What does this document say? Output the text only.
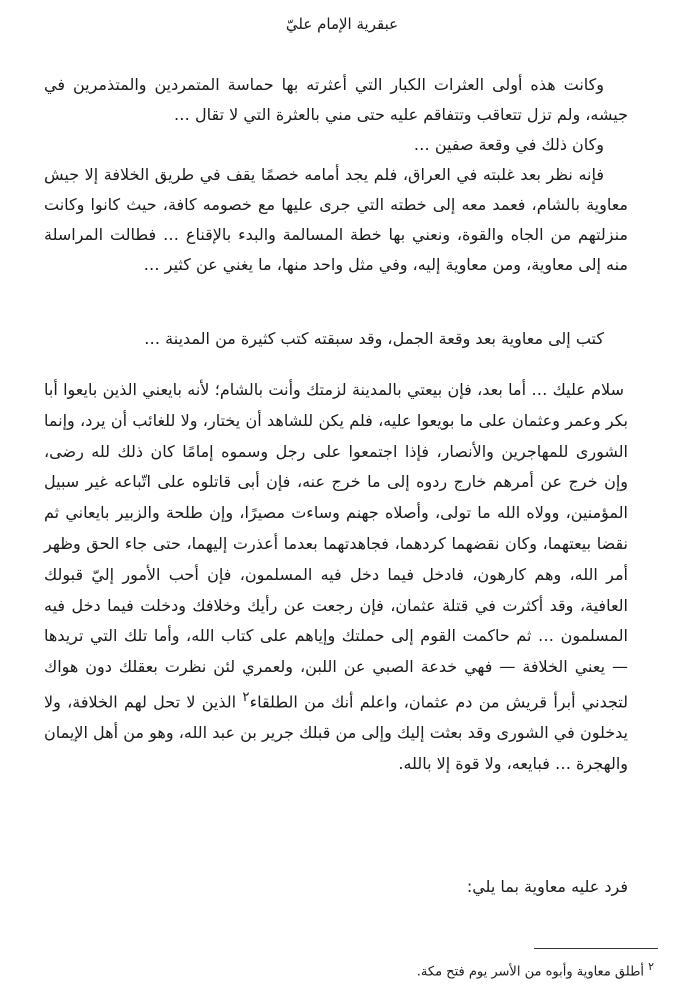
عبقرية الإمام عليّ

وكانت هذه أولى العثرات الكبار التي أعثرته بها حماسة المتمردين والمتذمرين في جيشه، ولم تزل تتعاقب وتتفاقم عليه حتى مني بالعثرة التي لا تقال …

وكان ذلك في وقعة صفين …

فإنه نظر بعد غلبته في العراق، فلم يجد أمامه خصمًا يقف في طريق الخلافة إلا جيش معاوية بالشام، فعمد معه إلى خطته التي جرى عليها مع خصومه كافة، حيث كانوا وكانت منزلتهم من الجاه والقوة، ونعني بها خطة المسالمة والبدء بالإقناع … فطالت المراسلة منه إلى معاوية، ومن معاوية إليه، وفي مثل واحد منها، ما يغني عن كثير …

كتب إلى معاوية بعد وقعة الجمل، وقد سبقته كتب كثيرة من المدينة …

سلام عليك … أما بعد، فإن بيعتي بالمدينة لزمتك وأنت بالشام؛ لأنه بايعني الذين بايعوا أبا بكر وعمر وعثمان على ما بويعوا عليه، فلم يكن للشاهد أن يختار، ولا للغائب أن يرد، وإنما الشورى للمهاجرين والأنصار، فإذا اجتمعوا على رجل وسموه إمامًا كان ذلك لله رضى، وإن خرج عن أمرهم خارج ردوه إلى ما خرج عنه، فإن أبى قاتلوه على اتّباعه غير سبيل المؤمنين، وولاه الله ما تولى، وأصلاه جهنم وساءت مصيرًا، وإن طلحة والزبير بايعاني ثم نقضا بيعتهما، وكان نقضهما كردهما، فجاهدتهما بعدما أعذرت إليهما، حتى جاء الحق وظهر أمر الله، وهم كارهون، فادخل فيما دخل فيه المسلمون، فإن أحب الأمور إليّ قبولك العافية، وقد أكثرت في قتلة عثمان، فإن رجعت عن رأيك وخلافك ودخلت فيما دخل فيه المسلمون … ثم حاكمت القوم إلى حملتك وإياهم على كتاب الله، وأما تلك التي تريدها — يعني الخلافة — فهي خدعة الصبي عن اللبن، ولعمري لئن نظرت بعقلك دون هواك لتجدني أبرأ قريش من دم عثمان، واعلم أنك من الطلقاء$^٢$ الذين لا تحل لهم الخلافة، ولا يدخلون في الشورى وقد بعثت إليك وإلى من قبلك جرير بن عبد الله، وهو من أهل الإيمان والهجرة … فبايعه، ولا قوة إلا بالله.
فرد عليه معاوية بما يلي:
$^٢$ أطلق معاوية وأبوه من الأسر يوم فتح مكة.
